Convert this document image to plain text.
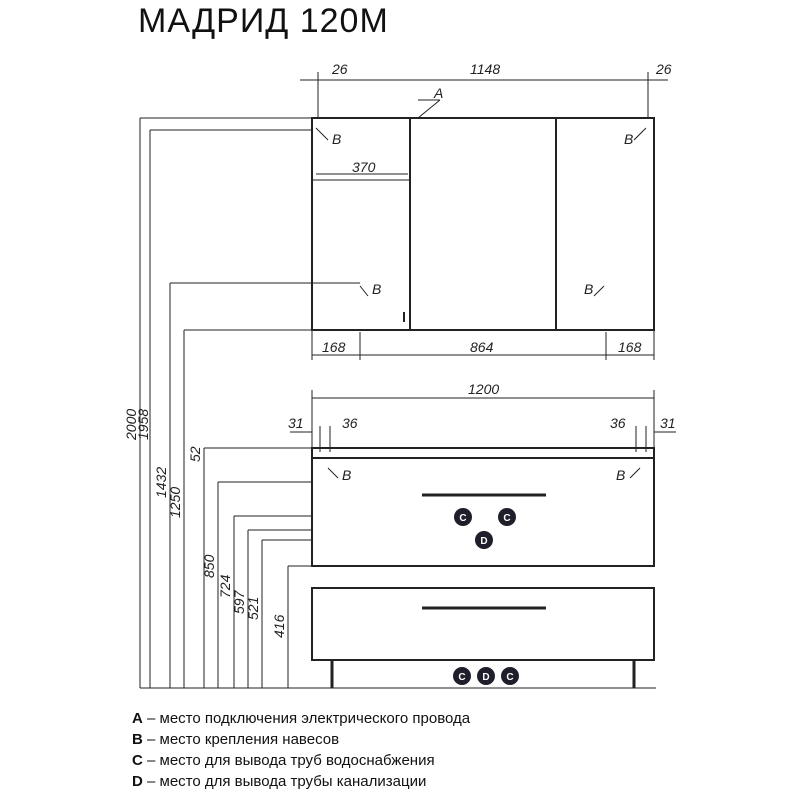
МАДРИД 120М
26	1148	26
370
168	864	168
1200
31	36	36 31
2000
1958
1432
1250
52
850
724
597
521
416
A
B	B
B	B
B	B
C	C
D
C D C
A – место подключения электрического провода
B – место крепления навесов
C – место для вывода труб водоснабжения
D – место для вывода трубы канализации
